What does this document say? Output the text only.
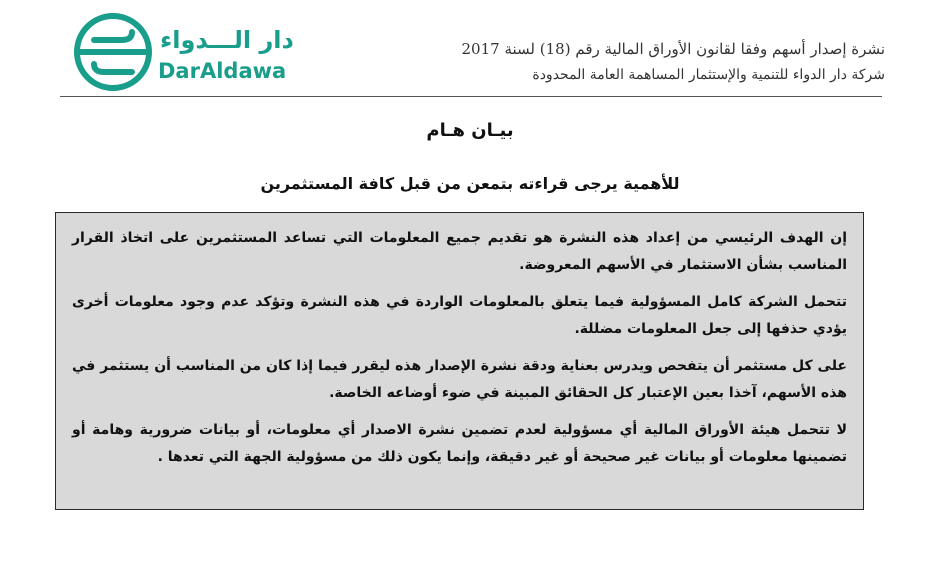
دار الـــدواء
DarAldawa
نشرة إصدار أسهم وفقا لقانون الأوراق المالية رقم (18) لسنة 2017
شركة دار الدواء للتنمية والإستثمار المساهمة العامة المحدودة
بيـان هـام
للأهمية يرجى قراءته بتمعن من قبل كافة المستثمرين

إن الهدف الرئيسي من إعداد هذه النشرة هو تقديم جميع المعلومات التي تساعد المستثمرين على اتخاذ القرار المناسب بشأن الاستثمار في الأسهم المعروضة.

تتحمل الشركة كامل المسؤولية فيما يتعلق بالمعلومات الواردة في هذه النشرة وتؤكد عدم وجود معلومات أخرى يؤدي حذفها إلى جعل المعلومات مضللة.

على كل مستثمر أن يتفحص ويدرس بعناية ودقة نشرة الإصدار هذه ليقرر فيما إذا كان من المناسب أن يستثمر في هذه الأسهم، آخذا بعين الإعتبار كل الحقائق المبينة في ضوء أوضاعه الخاصة.

لا تتحمل هيئة الأوراق المالية أي مسؤولية لعدم تضمين نشرة الاصدار أي معلومات، أو بيانات ضرورية وهامة أو تضمينها معلومات أو بيانات غير صحيحة أو غير دقيقة، وإنما يكون ذلك من مسؤولية الجهة التي تعدها .
